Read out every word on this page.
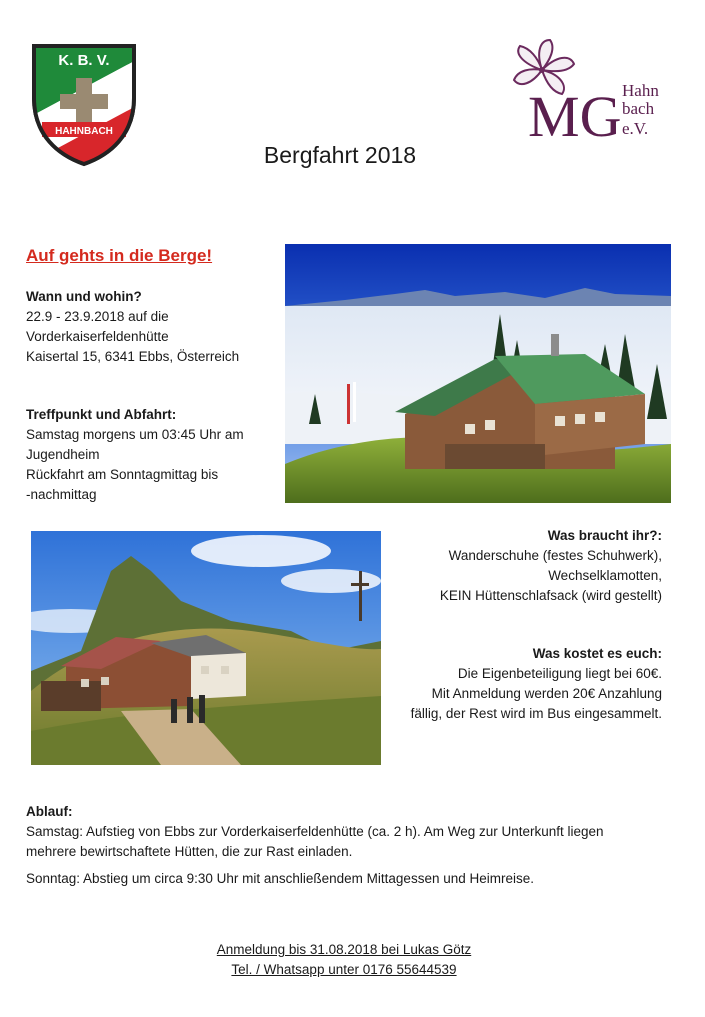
K. B. V.
HAHNBACH	MG Hahn
bach
e.V.
Bergfahrt 2018
Auf gehts in die Berge!
Wann und wohin?
22.9 - 23.9.2018 auf die
Vorderkaiserfeldenhütte
Kaisertal 15, 6341 Ebbs, Österreich
Treffpunkt und Abfahrt:
Samstag morgens um 03:45 Uhr am
Jugendheim
Rückfahrt am Sonntagmittag bis
-nachmittag
Was braucht ihr?:
Wanderschuhe (festes Schuhwerk),
Wechselklamotten,
KEIN Hüttenschlafsack (wird gestellt)
Was kostet es euch:
Die Eigenbeteiligung liegt bei 60€.
Mit Anmeldung werden 20€ Anzahlung
fällig, der Rest wird im Bus eingesammelt.
Ablauf:
Samstag: Aufstieg von Ebbs zur Vorderkaiserfeldenhütte (ca. 2 h). Am Weg zur Unterkunft liegen
mehrere bewirtschaftete Hütten, die zur Rast einladen.
Sonntag: Abstieg um circa 9:30 Uhr mit anschließendem Mittagessen und Heimreise.
Anmeldung bis 31.08.2018 bei Lukas Götz
Tel. / Whatsapp unter 0176 55644539
